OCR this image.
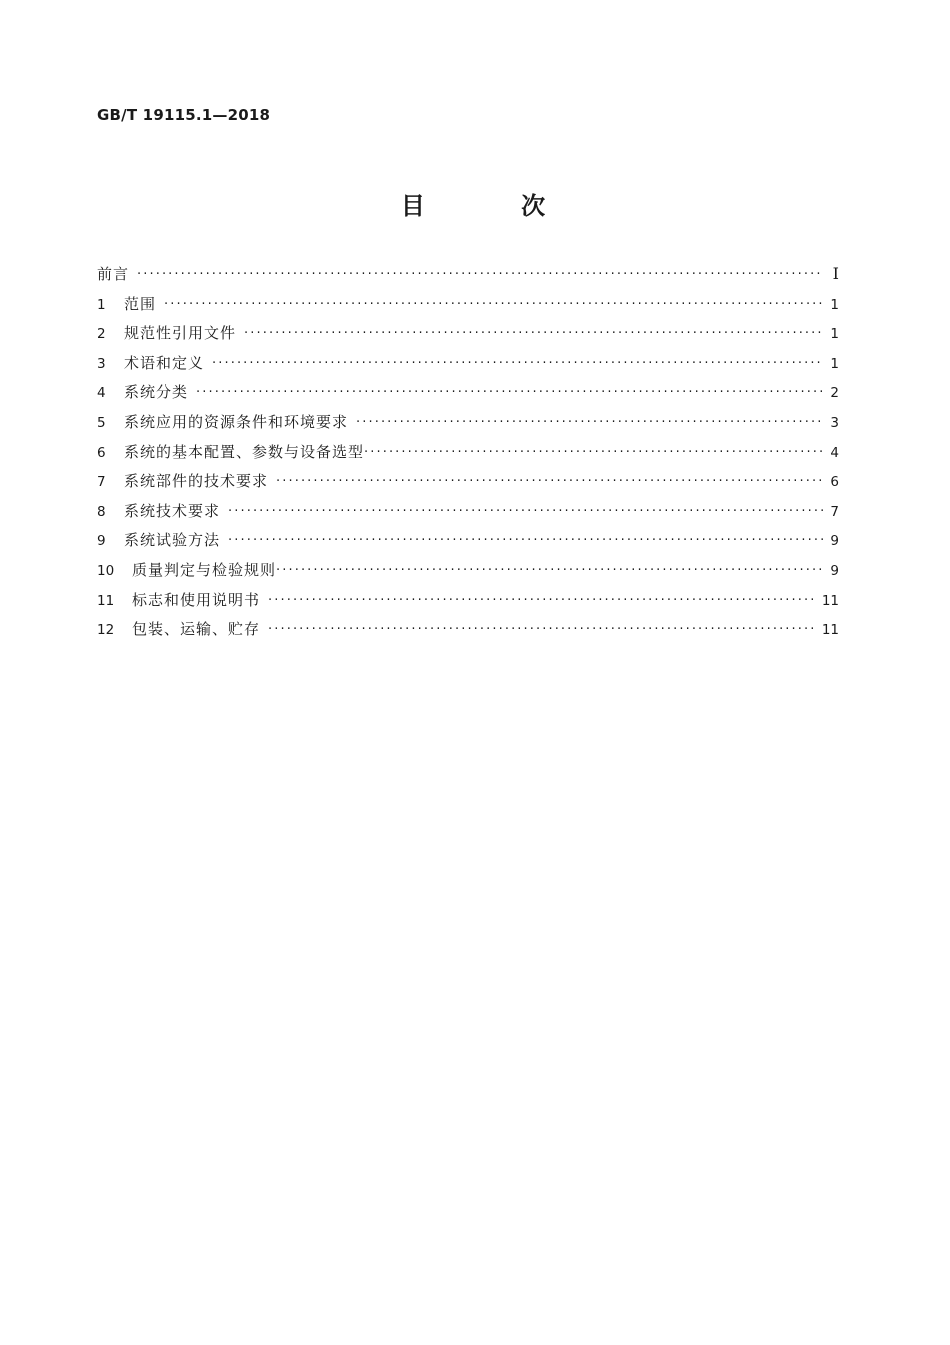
GB/T 19115.1—2018
目 次
前言 ·····	Ⅰ
1	范围 ·····	1
2	规范性引用文件 ·····	1
3	术语和定义 ·····	1
4	系统分类 ·····	2
5	系统应用的资源条件和环境要求 ·····	3
6	系统的基本配置、参数与设备选型 ·····	4
7	系统部件的技术要求 ·····	6
8	系统技术要求 ·····	7
9	系统试验方法 ·····	9
10	质量判定与检验规则 ·····	9
11	标志和使用说明书 ·····	11
12	包装、运输、贮存 ·····	11
